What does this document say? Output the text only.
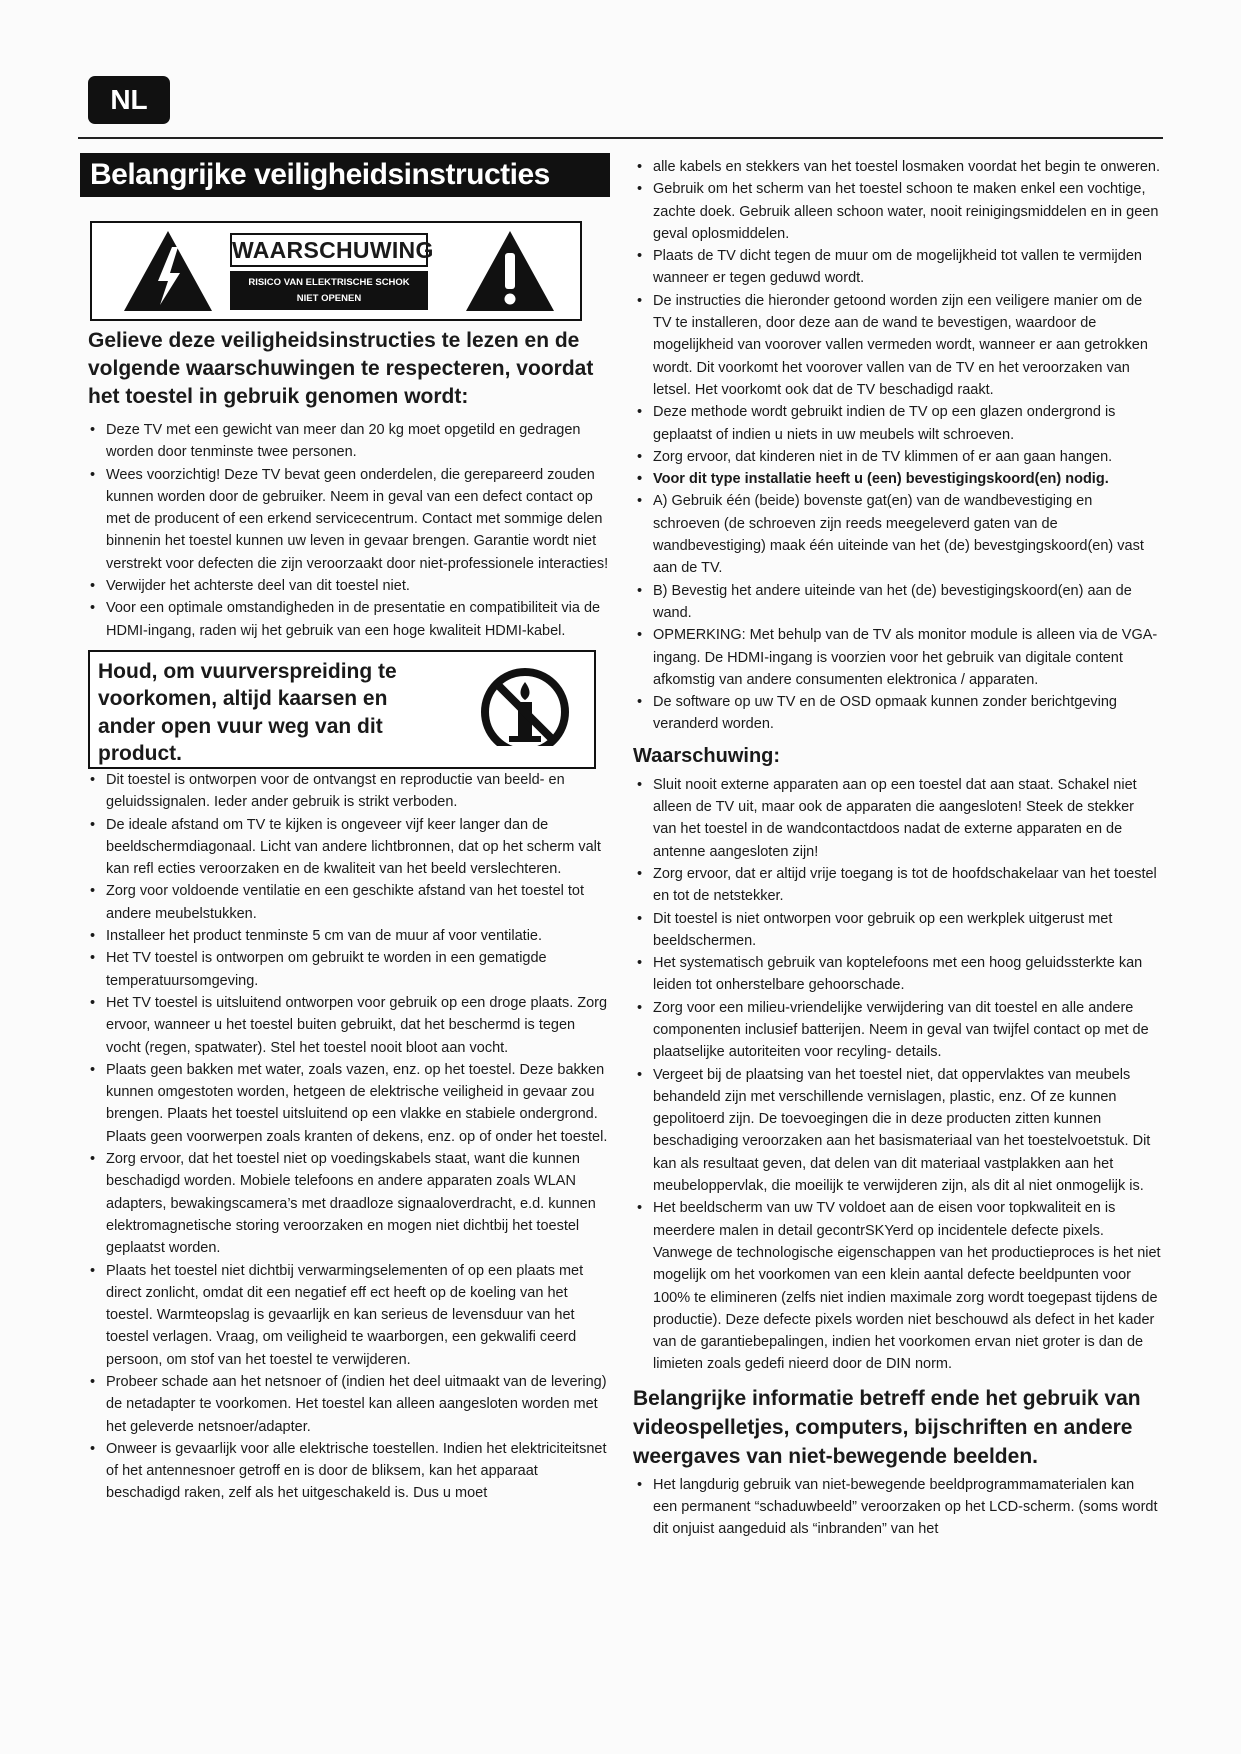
NL
Belangrijke veiligheidsinstructies
WAARSCHUWING
RISICO VAN ELEKTRISCHE SCHOK
NIET OPENEN
Gelieve deze veiligheidsinstructies te lezen en de volgende waarschuwingen te respecteren, voordat het toestel in gebruik genomen wordt:
• Deze TV met een gewicht van meer dan 20 kg moet opgetild en gedragen worden door tenminste twee personen.
• Wees voorzichtig! Deze TV bevat geen onderdelen, die gerepareerd zouden kunnen worden door de gebruiker. Neem in geval van een defect contact op met de producent of een erkend servicecentrum. Contact met sommige delen binnenin het toestel kunnen uw leven in gevaar brengen. Garantie wordt niet verstrekt voor defecten die zijn veroorzaakt door niet-professionele interacties!
• Verwijder het achterste deel van dit toestel niet.
• Voor een optimale omstandigheden in de presentatie en compatibiliteit via de HDMI-ingang, raden wij het gebruik van een hoge kwaliteit HDMI-kabel.
Houd, om vuurverspreiding te voorkomen, altijd kaarsen en ander open vuur weg van dit product.
• Dit toestel is ontworpen voor de ontvangst en reproductie van beeld- en geluidssignalen. Ieder ander gebruik is strikt verboden.
• De ideale afstand om TV te kijken is ongeveer vijf keer langer dan de beeldschermdiagonaal. Licht van andere lichtbronnen, dat op het scherm valt kan refl ecties veroorzaken en de kwaliteit van het beeld verslechteren.
• Zorg voor voldoende ventilatie en een geschikte afstand van het toestel tot andere meubelstukken.
• Installeer het product tenminste 5 cm van de muur af voor ventilatie.
• Het TV toestel is ontworpen om gebruikt te worden in een gematigde temperatuursomgeving.
• Het TV toestel is uitsluitend ontworpen voor gebruik op een droge plaats. Zorg ervoor, wanneer u het toestel buiten gebruikt, dat het beschermd is tegen vocht (regen, spatwater). Stel het toestel nooit bloot aan vocht.
• Plaats geen bakken met water, zoals vazen, enz. op het toestel. Deze bakken kunnen omgestoten worden, hetgeen de elektrische veiligheid in gevaar zou brengen. Plaats het toestel uitsluitend op een vlakke en stabiele ondergrond. Plaats geen voorwerpen zoals kranten of dekens, enz. op of onder het toestel.
• Zorg ervoor, dat het toestel niet op voedingskabels staat, want die kunnen beschadigd worden. Mobiele telefoons en andere apparaten zoals WLAN adapters, bewakingscamera’s met draadloze signaaloverdracht, e.d. kunnen elektromagnetische storing veroorzaken en mogen niet dichtbij het toestel geplaatst worden.
• Plaats het toestel niet dichtbij verwarmingselementen of op een plaats met direct zonlicht, omdat dit een negatief eff ect heeft op de koeling van het toestel. Warmteopslag is gevaarlijk en kan serieus de levensduur van het toestel verlagen. Vraag, om veiligheid te waarborgen, een gekwalifi ceerd persoon, om stof van het toestel te verwijderen.
• Probeer schade aan het netsnoer of (indien het deel uitmaakt van de levering) de netadapter te voorkomen. Het toestel kan alleen aangesloten worden met het geleverde netsnoer/adapter.
• Onweer is gevaarlijk voor alle elektrische toestellen. Indien het elektriciteitsnet of het antennesnoer getroff en is door de bliksem, kan het apparaat beschadigd raken, zelf als het uitgeschakeld is. Dus u moet
• alle kabels en stekkers van het toestel losmaken voordat het begin te onweren.
• Gebruik om het scherm van het toestel schoon te maken enkel een vochtige, zachte doek. Gebruik alleen schoon water, nooit reinigingsmiddelen en in geen geval oplosmiddelen.
• Plaats de TV dicht tegen de muur om de mogelijkheid tot vallen te vermijden wanneer er tegen geduwd wordt.
• De instructies die hieronder getoond worden zijn een veiligere manier om de TV te installeren, door deze aan de wand te bevestigen, waardoor de mogelijkheid van voorover vallen vermeden wordt, wanneer er aan getrokken wordt. Dit voorkomt het voorover vallen van de TV en het veroorzaken van letsel. Het voorkomt ook dat de TV beschadigd raakt.
• Deze methode wordt gebruikt indien de TV op een glazen ondergrond is geplaatst of indien u niets in uw meubels wilt schroeven.
• Zorg ervoor, dat kinderen niet in de TV klimmen of er aan gaan hangen.
• Voor dit type installatie heeft u (een) bevestigingskoord(en) nodig.
• A) Gebruik één (beide) bovenste gat(en) van de wandbevestiging en schroeven (de schroeven zijn reeds meegeleverd gaten van de wandbevestiging) maak één uiteinde van het (de) bevestgingskoord(en) vast aan de TV.
• B) Bevestig het andere uiteinde van het (de) bevestigingskoord(en) aan de wand.
• OPMERKING: Met behulp van de TV als monitor module is alleen via de VGA-ingang. De HDMI-ingang is voorzien voor het gebruik van digitale content afkomstig van andere consumenten elektronica / apparaten.
• De software op uw TV en de OSD opmaak kunnen zonder berichtgeving veranderd worden.
Waarschuwing:
• Sluit nooit externe apparaten aan op een toestel dat aan staat. Schakel niet alleen de TV uit, maar ook de apparaten die aangesloten! Steek de stekker van het toestel in de wandcontactdoos nadat de externe apparaten en de antenne aangesloten zijn!
• Zorg ervoor, dat er altijd vrije toegang is tot de hoofdschakelaar van het toestel en tot de netstekker.
• Dit toestel is niet ontworpen voor gebruik op een werkplek uitgerust met beeldschermen.
• Het systematisch gebruik van koptelefoons met een hoog geluidssterkte kan leiden tot onherstelbare gehoorschade.
• Zorg voor een milieu-vriendelijke verwijdering van dit toestel en alle andere componenten inclusief batterijen. Neem in geval van twijfel contact op met de plaatselijke autoriteiten voor recyling- details.
• Vergeet bij de plaatsing van het toestel niet, dat oppervlaktes van meubels behandeld zijn met verschillende vernislagen, plastic, enz. Of ze kunnen gepolitoerd zijn. De toevoegingen die in deze producten zitten kunnen beschadiging veroorzaken aan het basismateriaal van het toestelvoetstuk. Dit kan als resultaat geven, dat delen van dit materiaal vastplakken aan het meubeloppervlak, die moeilijk te verwijderen zijn, als dit al niet onmogelijk is.
• Het beeldscherm van uw TV voldoet aan de eisen voor topkwaliteit en is meerdere malen in detail gecontrSKYerd op incidentele defecte pixels. Vanwege de technologische eigenschappen van het productieproces is het niet mogelijk om het voorkomen van een klein aantal defecte beeldpunten voor 100% te elimineren (zelfs niet indien maximale zorg wordt toegepast tijdens de productie). Deze defecte pixels worden niet beschouwd als defect in het kader van de garantiebepalingen, indien het voorkomen ervan niet groter is dan de limieten zoals gedefi nieerd door de DIN norm.
Belangrijke informatie betreff ende het gebruik van videospelletjes, computers, bijschriften en andere weergaves van niet-bewegende beelden.
• Het langdurig gebruik van niet-bewegende beeldprogrammamaterialen kan een permanent “schaduwbeeld” veroorzaken op het LCD-scherm. (soms wordt dit onjuist aangeduid als “inbranden” van het
